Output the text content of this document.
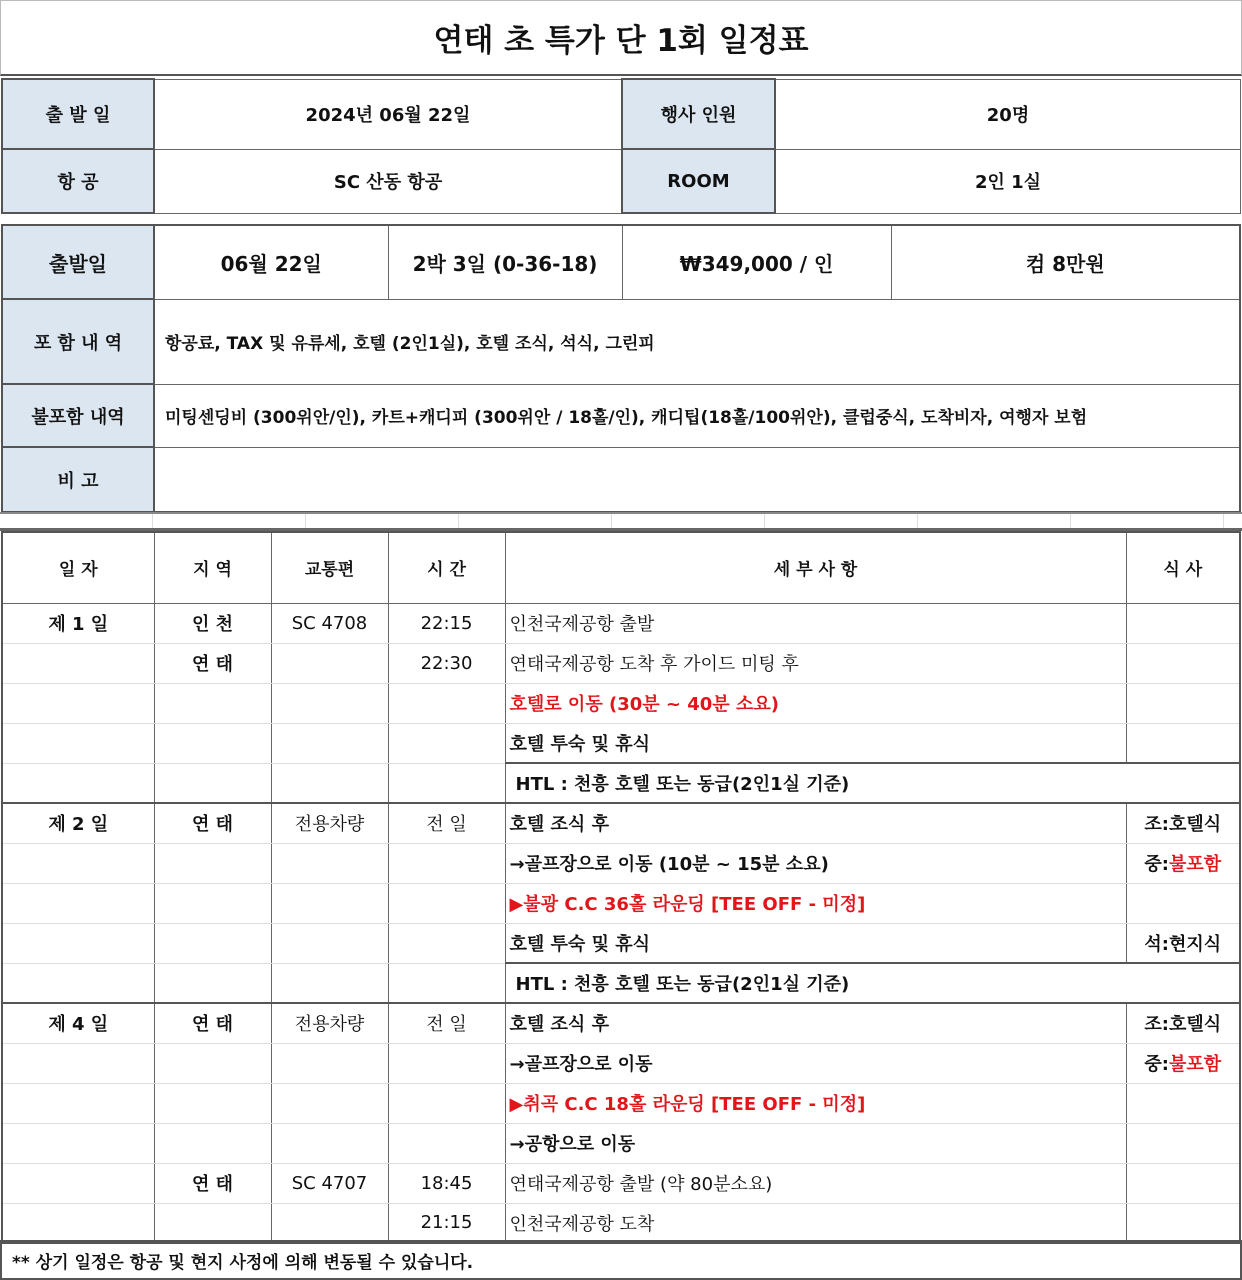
연태 초 특가 단 1회 일정표
출 발 일	2024년 06월 22일	행사 인원	20명
항 공	SC 산동 항공	ROOM	2인 1실
출발일	06월 22일	2박 3일 (0-36-18)	₩349,000 / 인	컴 8만원
포 함 내 역	항공료, TAX 및 유류세, 호텔 (2인1실), 호텔 조식, 석식, 그린피			
불포함 내역	미팅센딩비 (300위안/인), 카트+캐디피 (300위안 / 18홀/인), 캐디팁(18홀/100위안), 클럽중식, 도착비자, 여행자 보험			
비 고				
일 자	지 역	교통편	시 간	세 부 사 항	식 사
제 1 일	인 천	SC 4708	22:15	인천국제공항 출발	
	연 태		22:30	연태국제공항 도착 후 가이드 미팅 후	
				호텔로 이동 (30분 ~ 40분 소요)	
				호텔 투숙 및 휴식	
				HTL : 천흥 호텔 또는 동급(2인1실 기준)	
제 2 일	연 태	전용차량	전 일	호텔 조식 후	조:호텔식
				→골프장으로 이동 (10분 ~ 15분 소요)	중:불포함
				▶불광 C.C 36홀 라운딩 [TEE OFF - 미정]	
				호텔 투숙 및 휴식	석:현지식
				HTL : 천흥 호텔 또는 동급(2인1실 기준)	
제 4 일	연 태	전용차량	전 일	호텔 조식 후	조:호텔식
				→골프장으로 이동	중:불포함
				▶취곡 C.C 18홀 라운딩 [TEE OFF - 미정]	
				→공항으로 이동	
	연 태	SC 4707	18:45	연태국제공항 출발 (약 80분소요)	
			21:15	인천국제공항 도착	
** 상기 일정은 항공 및 현지 사정에 의해 변동될 수 있습니다.
